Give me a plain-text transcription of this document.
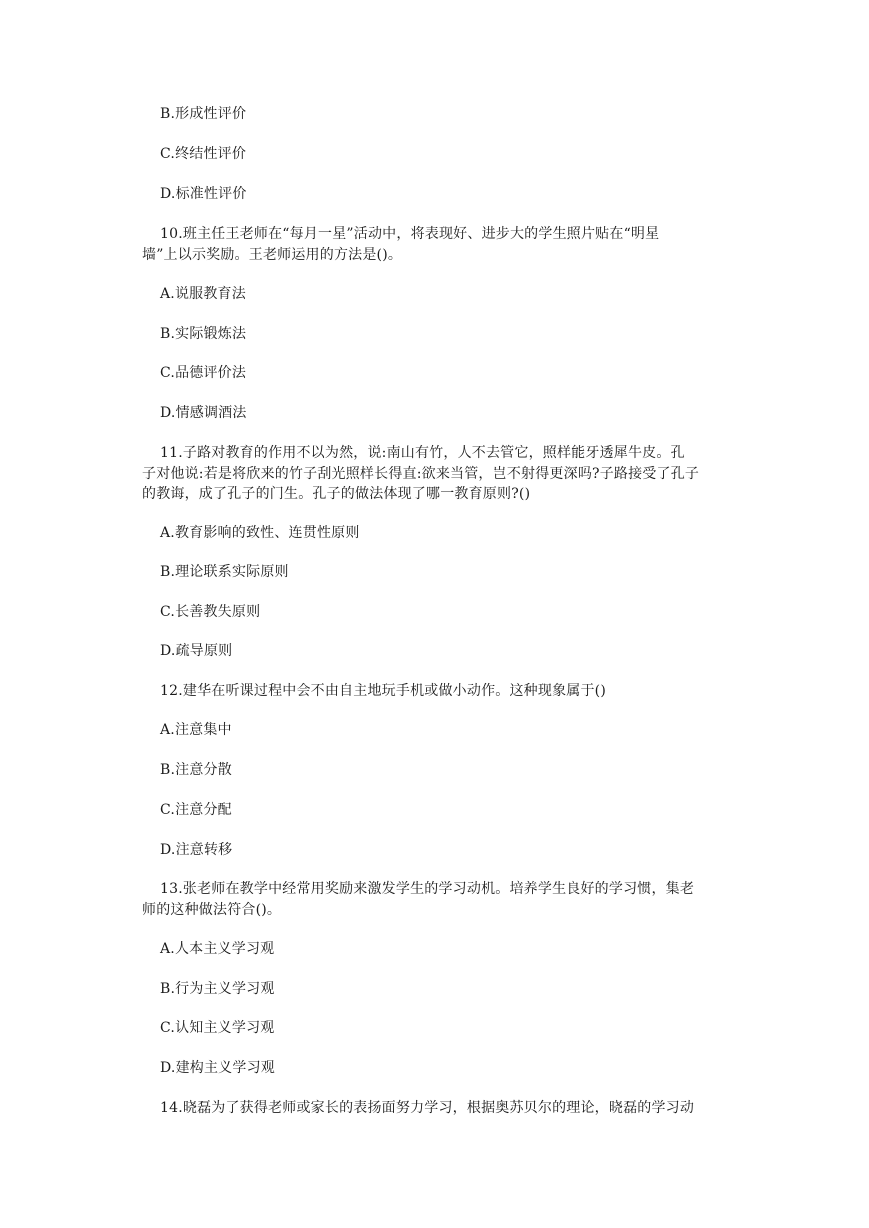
B.形成性评价
C.终结性评价
D.标准性评价
10.班主任王老师在“每月一星”活动中，将表现好、进步大的学生照片贴在“明星
墙”上以示奖励。王老师运用的方法是()。
A.说服教育法
B.实际锻炼法
C.品德评价法
D.情感调酒法
11.子路对教育的作用不以为然，说:南山有竹，人不去管它，照样能牙透犀牛皮。孔
子对他说:若是将欣来的竹子刮光照样长得直:欲来当管，岂不射得更深吗?子路接受了孔子
的教诲，成了孔子的门生。孔子的做法体现了哪一教育原则?()
A.教育影响的致性、连贯性原则
B.理论联系实际原则
C.长善教失原则
D.疏导原则
12.建华在听课过程中会不由自主地玩手机或做小动作。这种现象属于()
A.注意集中
B.注意分散
C.注意分配
D.注意转移
13.张老师在教学中经常用奖励来激发学生的学习动机。培养学生良好的学习惯，集老
师的这种做法符合()。
A.人本主义学习观
B.行为主义学习观
C.认知主义学习观
D.建构主义学习观
14.晓磊为了获得老师或家长的表扬面努力学习，根据奥苏贝尔的理论，晓磊的学习动
